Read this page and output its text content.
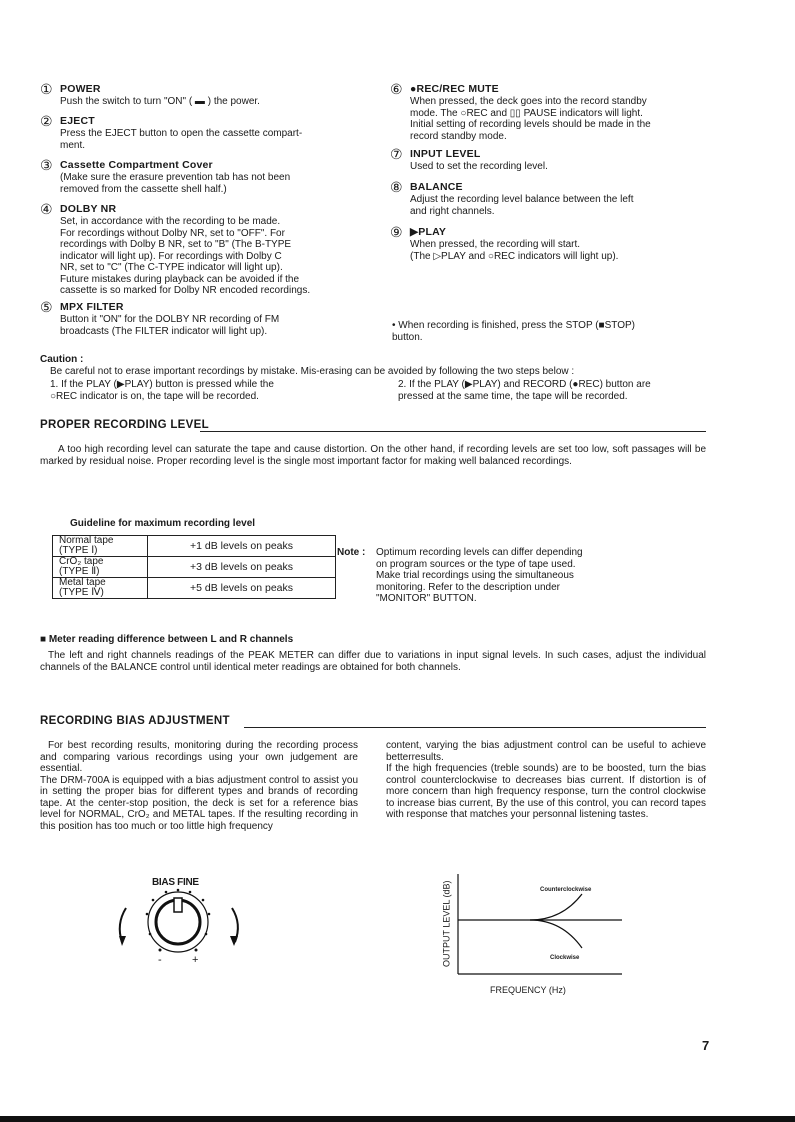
① POWER
Push the switch to turn "ON" ( ▬ ) the power.
② EJECT
Press the EJECT button to open the cassette compart-
ment.
③ Cassette Compartment Cover
(Make sure the erasure prevention tab has not been
removed from the cassette shell half.)
④ DOLBY NR
Set, in accordance with the recording to be made.
For recordings without Dolby NR, set to "OFF". For
recordings with Dolby B NR, set to "B" (The B-TYPE
indicator will light up). For recordings with Dolby C
NR, set to "C" (The C-TYPE indicator will light up).
Future mistakes during playback can be avoided if the
cassette is so marked for Dolby NR encoded recordings.
⑤ MPX FILTER
Button it "ON" for the DOLBY NR recording of FM
broadcasts (The FILTER indicator will light up).
⑥ ●REC/REC MUTE
When pressed, the deck goes into the record standby
mode. The ○REC and ▯▯ PAUSE indicators will light.
Initial setting of recording levels should be made in the
record standby mode.
⑦ INPUT LEVEL
Used to set the recording level.
⑧ BALANCE
Adjust the recording level balance between the left
and right channels.
⑨ ▶PLAY
When pressed, the recording will start.
(The ▷PLAY and ○REC indicators will light up).
• When recording is finished, press the STOP (■STOP)
button.
Caution :
Be careful not to erase important recordings by mistake. Mis-erasing can be avoided by following the two steps below :
1. If the PLAY (▶PLAY) button is pressed while the
○REC indicator is on, the tape will be recorded.
2. If the PLAY (▶PLAY) and RECORD (●REC) button are
pressed at the same time, the tape will be recorded.
PROPER RECORDING LEVEL
A too high recording level can saturate the tape and cause distortion. On the other hand, if recording levels are set too low, soft passages will be marked by residual noise. Proper recording level is the single most important factor for making well balanced recordings.
Guideline for maximum recording level
Normal tape
(TYPE Ⅰ)	+1 dB levels on peaks
CrO₂ tape
(TYPE Ⅱ)	+3 dB levels on peaks
Metal tape
(TYPE Ⅳ)	+5 dB levels on peaks
Note : Optimum recording levels can differ depending
on program sources or the type of tape used.
Make trial recordings using the simultaneous
monitoring. Refer to the description under
"MONITOR" BUTTON.
■ Meter reading difference between L and R channels
The left and right channels readings of the PEAK METER can differ due to variations in input signal levels. In such cases, adjust the individual channels of the BALANCE control until identical meter readings are obtained for both channels.
RECORDING BIAS ADJUSTMENT
For best recording results, monitoring during the recording process and comparing various recordings using your own judgement are essential.
The DRM-700A is equipped with a bias adjustment control to assist you in setting the proper bias for different types and brands of recording tape. At the center-stop position, the deck is set for a reference bias level for NORMAL, CrO₂ and METAL tapes. If the resulting recording in this position has too much or too little high frequency
content, varying the bias adjustment control can be useful to achieve betterresults.
If the high frequencies (treble sounds) are to be boosted, turn the bias control counterclockwise to decreases bias current. If distortion is of more concern than high frequency response, turn the control clockwise to increase bias current, By the use of this control, you can record tapes with response that matches your personnal listening tastes.
BIAS FINE
-	+	OUTPUT LEVEL (dB)	Counterclockwise
Clockwise
FREQUENCY (Hz)
7
